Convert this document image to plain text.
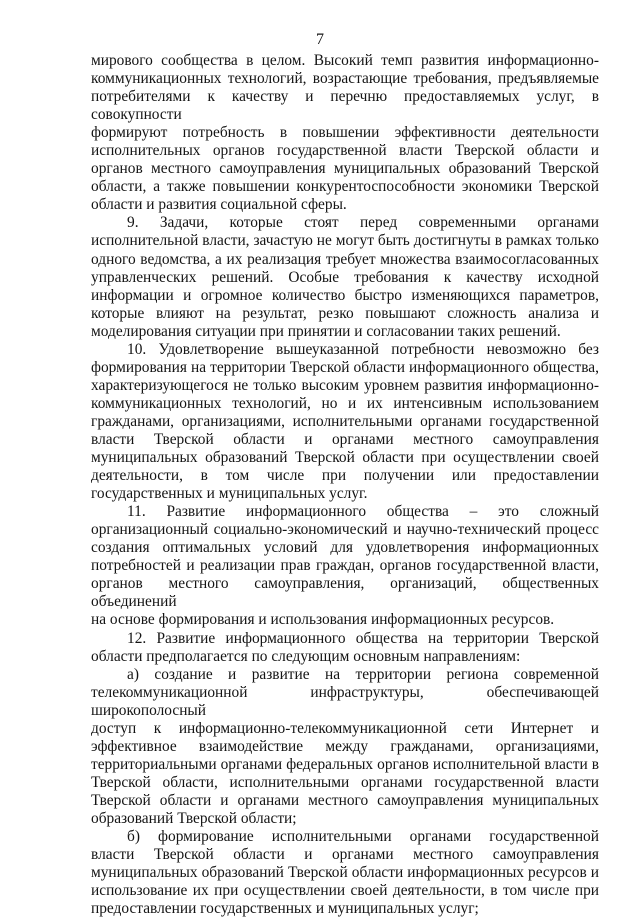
7

мирового сообщества в целом. Высокий темп развития информационно-
коммуникационных технологий, возрастающие требования, предъявляемые
потребителями к качеству и перечню предоставляемых услуг, в совокупности
формируют потребность в повышении эффективности деятельности
исполнительных органов государственной власти Тверской области и
органов местного самоуправления муниципальных образований Тверской
области, а также повышении конкурентоспособности экономики Тверской
области и развития социальной сферы.

9. Задачи, которые стоят перед современными органами
исполнительной власти, зачастую не могут быть достигнуты в рамках только
одного ведомства, а их реализация требует множества взаимосогласованных
управленческих решений. Особые требования к качеству исходной
информации и огромное количество быстро изменяющихся параметров,
которые влияют на результат, резко повышают сложность анализа и
моделирования ситуации при принятии и согласовании таких решений.

10. Удовлетворение вышеуказанной потребности невозможно без
формирования на территории Тверской области информационного общества,
характеризующегося не только высоким уровнем развития информационно-
коммуникационных технологий, но и их интенсивным использованием
гражданами, организациями, исполнительными органами государственной
власти Тверской области и органами местного самоуправления
муниципальных образований Тверской области при осуществлении своей
деятельности, в том числе при получении или предоставлении
государственных и муниципальных услуг.

11. Развитие информационного общества – это сложный
организационный социально-экономический и научно-технический процесс
создания оптимальных условий для удовлетворения информационных
потребностей и реализации прав граждан, органов государственной власти,
органов местного самоуправления, организаций, общественных объединений
на основе формирования и использования информационных ресурсов.

12. Развитие информационного общества на территории Тверской
области предполагается по следующим основным направлениям:

а) создание и развитие на территории региона современной
телекоммуникационной инфраструктуры, обеспечивающей широкополосный
доступ к информационно-телекоммуникационной сети Интернет и
эффективное взаимодействие между гражданами, организациями,
территориальными органами федеральных органов исполнительной власти в
Тверской области, исполнительными органами государственной власти
Тверской области и органами местного самоуправления муниципальных
образований Тверской области;

б) формирование исполнительными органами государственной
власти Тверской области и органами местного самоуправления
муниципальных образований Тверской области информационных ресурсов и
использование их при осуществлении своей деятельности, в том числе при
предоставлении государственных и муниципальных услуг;
